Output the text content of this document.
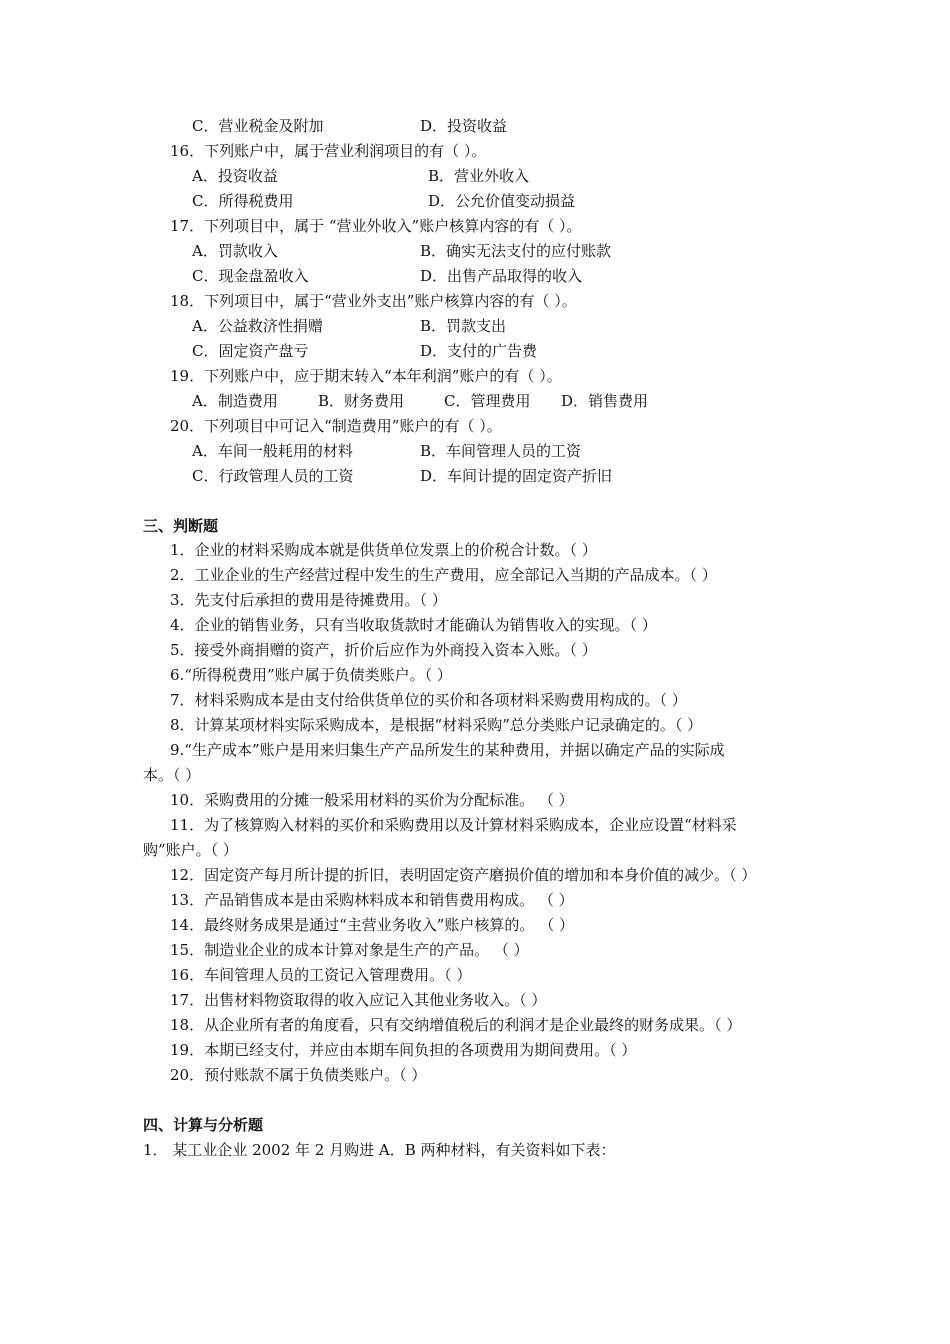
C．营业税金及附加	D．投资收益
16．下列账户中，属于营业利润项目的有（ ）。
A．投资收益	B．营业外收入
C．所得税费用	D．公允价值变动损益
17．下列项目中，属于 “营业外收入”账户核算内容的有（ ）。
A．罚款收入	B．确实无法支付的应付账款
C．现金盘盈收入	D．出售产品取得的收入
18．下列项目中，属于“营业外支出”账户核算内容的有（ ）。
A．公益救济性捐赠	B．罚款支出
C．固定资产盘亏	D．支付的广告费
19．下列账户中，应于期末转入“本年利润”账户的有（ ）。
A．制造费用	B．财务费用	C．管理费用 D．销售费用
20．下列项目中可记入“制造费用”账户的有（ ）。
A．车间一般耗用的材料	B．车间管理人员的工资
C．行政管理人员的工资	D．车间计提的固定资产折旧
三、判断题
1．企业的材料采购成本就是供货单位发票上的价税合计数。（ ）
2．工业企业的生产经营过程中发生的生产费用，应全部记入当期的产品成本。（ ）
3．先支付后承担的费用是待摊费用。（ ）
4．企业的销售业务，只有当收取货款时才能确认为销售收入的实现。（ ）
5．接受外商捐赠的资产，折价后应作为外商投入资本入账。（ ）
6.“所得税费用”账户属于负债类账户。（ ）
7．材料采购成本是由支付给供货单位的买价和各项材料采购费用构成的。（ ）
8．计算某项材料实际采购成本，是根据“材料采购”总分类账户记录确定的。（ ）
9.“生产成本”账户是用来归集生产产品所发生的某种费用，并据以确定产品的实际成
本。（ ）
10．采购费用的分摊一般采用材料的买价为分配标准。 （ ）
11．为了核算购入材料的买价和采购费用以及计算材料采购成本，企业应设置“材料采
购”账户。（ ）
12．固定资产每月所计提的折旧，表明固定资产磨损价值的增加和本身价值的减少。（ ）
13．产品销售成本是由采购林料成本和销售费用构成。 （ ）
14．最终财务成果是通过“主营业务收入”账户核算的。 （ ）
15．制造业企业的成本计算对象是生产的产品。 （ ）
16．车间管理人员的工资记入管理费用。（ ）
17．出售材料物资取得的收入应记入其他业务收入。（ ）
18．从企业所有者的角度看，只有交纳增值税后的利润才是企业最终的财务成果。（ ）
19．本期已经支付，并应由本期车间负担的各项费用为期间费用。（ ）
20．预付账款不属于负债类账户。（ ）
四、计算与分析题
1． 某工业企业 2002 年 2 月购进 A．B 两种材料，有关资料如下表：
